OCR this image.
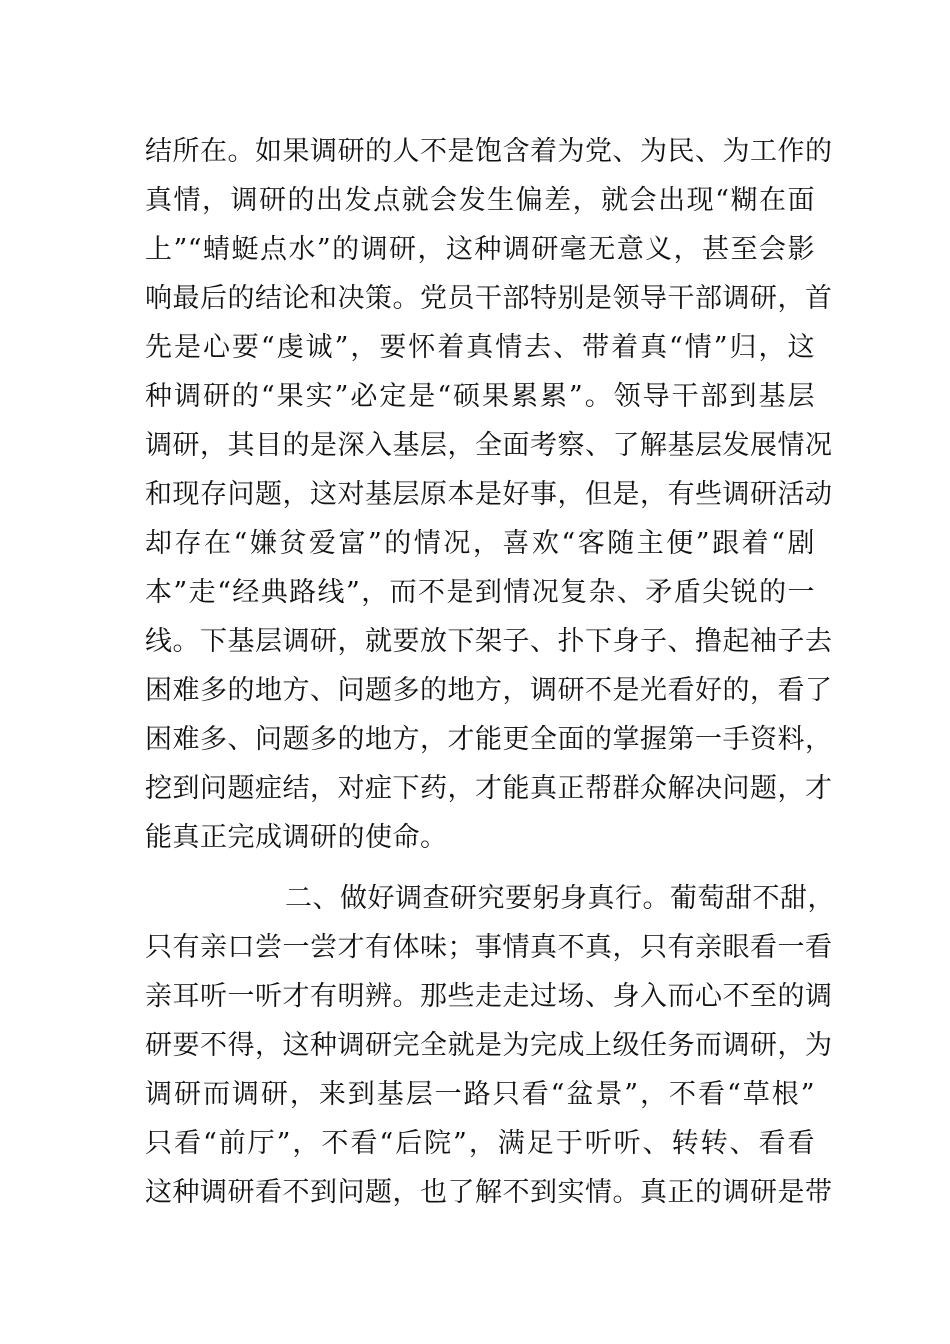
结所在。如果调研的人不是饱含着为党、为民、为工作的
真情，调研的出发点就会发生偏差，就会出现“糊在面
上”“蜻蜓点水”的调研，这种调研毫无意义，甚至会影
响最后的结论和决策。党员干部特别是领导干部调研，首
先是心要“虔诚”，要怀着真情去、带着真“情”归，这
种调研的“果实”必定是“硕果累累”。领导干部到基层
调研，其目的是深入基层，全面考察、了解基层发展情况
和现存问题，这对基层原本是好事，但是，有些调研活动
却存在“嫌贫爱富”的情况，喜欢“客随主便”跟着“剧
本”走“经典路线”，而不是到情况复杂、矛盾尖锐的一
线。下基层调研，就要放下架子、扑下身子、撸起袖子去
困难多的地方、问题多的地方，调研不是光看好的，看了
困难多、问题多的地方，才能更全面的掌握第一手资料，
挖到问题症结，对症下药，才能真正帮群众解决问题，才
能真正完成调研的使命。
二、做好调查研究要躬身真行。葡萄甜不甜，
只有亲口尝一尝才有体味；事情真不真，只有亲眼看一看
亲耳听一听才有明辨。那些走走过场、身入而心不至的调
研要不得，这种调研完全就是为完成上级任务而调研，为
调研而调研，来到基层一路只看“盆景”，不看“草根”
只看“前厅”，不看“后院”，满足于听听、转转、看看
这种调研看不到问题，也了解不到实情。真正的调研是带
